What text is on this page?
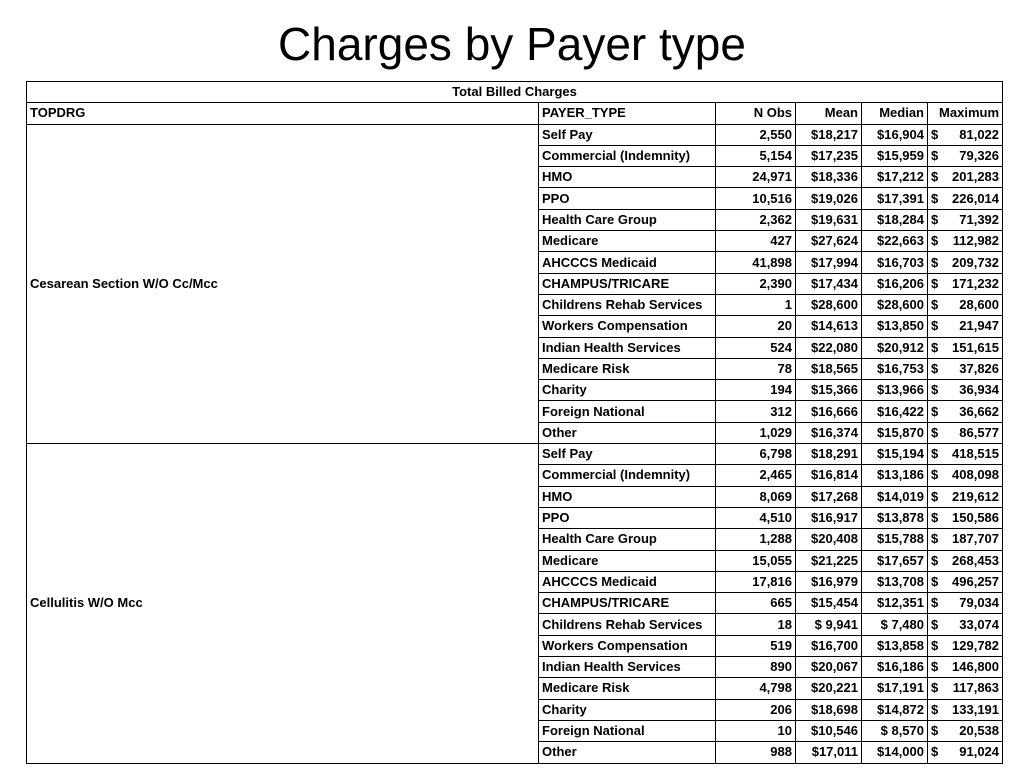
Charges by Payer type
Total Billed Charges					
TOPDRG	PAYER_TYPE	N Obs	Mean	Median	Maximum
Cesarean Section W/O Cc/Mcc	Self Pay	2,550	$18,217	$16,904	$ 81,022

	Commercial (Indemnity)	5,154	$17,235	$15,959	$ 79,326

	HMO	24,971	$18,336	$17,212	$ 201,283

	PPO	10,516	$19,026	$17,391	$ 226,014

	Health Care Group	2,362	$19,631	$18,284	$ 71,392

	Medicare	427	$27,624	$22,663	$ 112,982

	AHCCCS Medicaid	41,898	$17,994	$16,703	$ 209,732

	CHAMPUS/TRICARE	2,390	$17,434	$16,206	$ 171,232

	Childrens Rehab Services	1	$28,600	$28,600	$ 28,600

	Workers Compensation	20	$14,613	$13,850	$ 21,947

	Indian Health Services	524	$22,080	$20,912	$ 151,615

	Medicare Risk	78	$18,565	$16,753	$ 37,826

	Charity	194	$15,366	$13,966	$ 36,934

	Foreign National	312	$16,666	$16,422	$ 36,662

	Other	1,029	$16,374	$15,870	$ 86,577

Cellulitis W/O Mcc	Self Pay	6,798	$18,291	$15,194	$ 418,515

	Commercial (Indemnity)	2,465	$16,814	$13,186	$ 408,098

	HMO	8,069	$17,268	$14,019	$ 219,612

	PPO	4,510	$16,917	$13,878	$ 150,586

	Health Care Group	1,288	$20,408	$15,788	$ 187,707

	Medicare	15,055	$21,225	$17,657	$ 268,453

	AHCCCS Medicaid	17,816	$16,979	$13,708	$ 496,257

	CHAMPUS/TRICARE	665	$15,454	$12,351	$ 79,034

	Childrens Rehab Services	18	$ 9,941	$ 7,480	$ 33,074

	Workers Compensation	519	$16,700	$13,858	$ 129,782

	Indian Health Services	890	$20,067	$16,186	$ 146,800

	Medicare Risk	4,798	$20,221	$17,191	$ 117,863

	Charity	206	$18,698	$14,872	$ 133,191

	Foreign National	10	$10,546	$ 8,570	$ 20,538

	Other	988	$17,011	$14,000	$ 91,024
